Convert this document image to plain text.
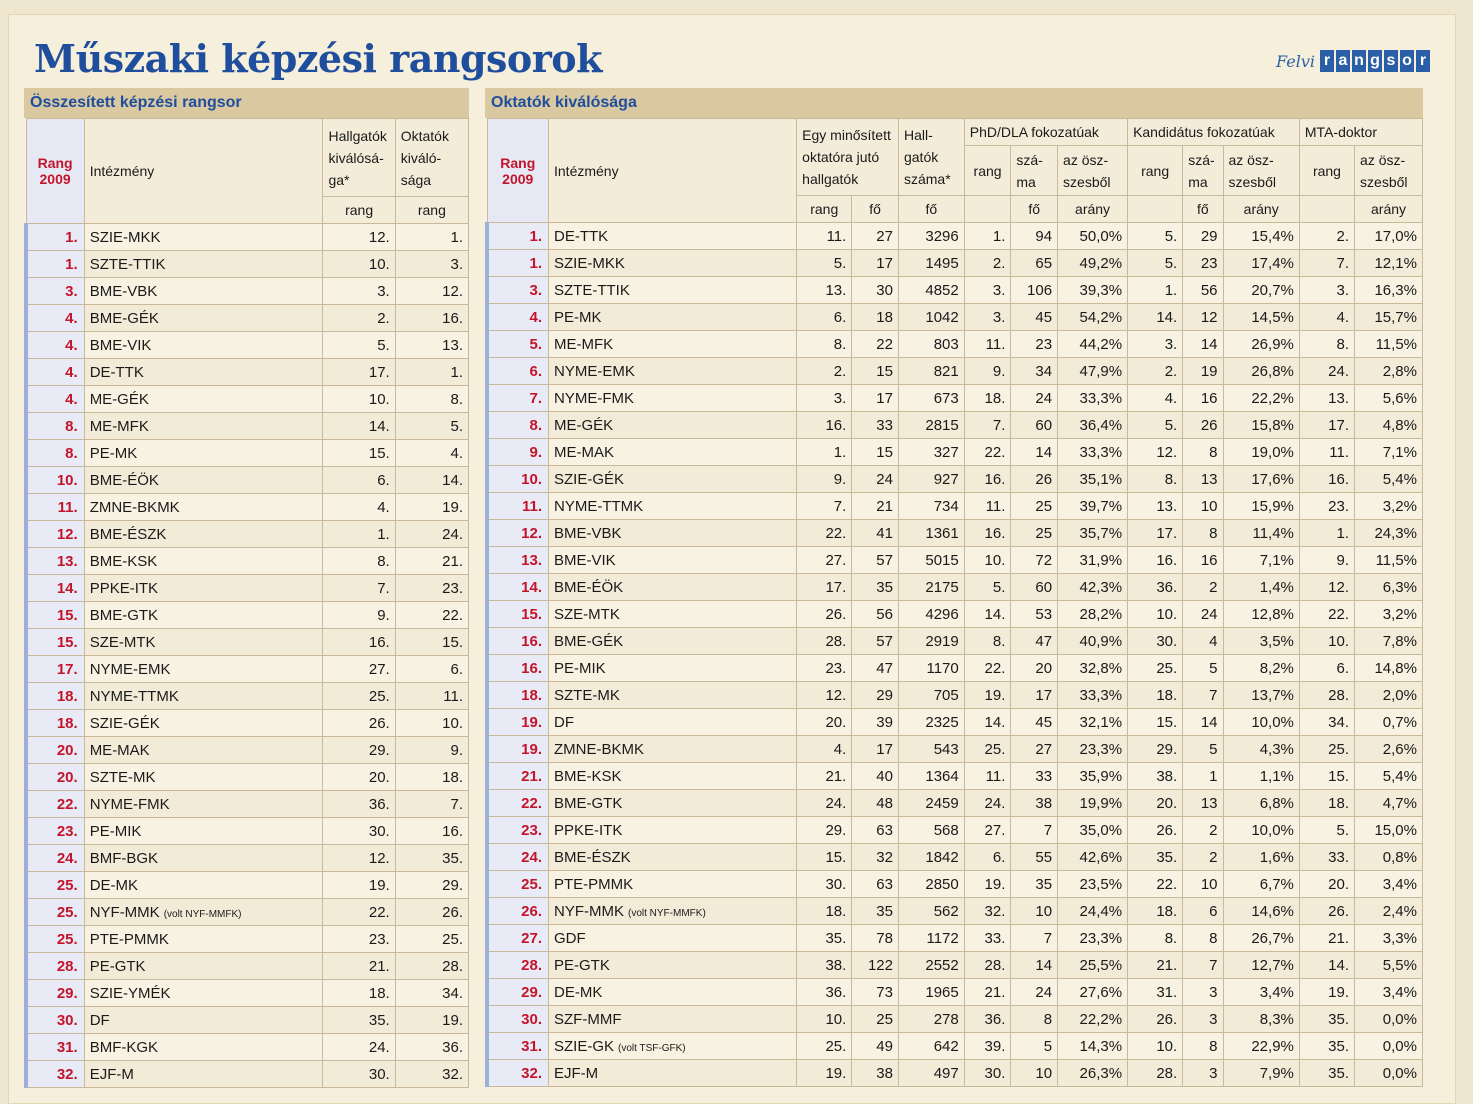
Műszaki képzési rangsorok	Felvi r a n g s o r
Összesített képzési rangsor
Rang
2009	Intézmény	Hallgatók kiválósá-ga*	Oktatók kiváló-sága
		rang	rang
1.	SZIE-MKK	12.	1.
1.	SZTE-TTIK	10.	3.
3.	BME-VBK	3.	12.
4.	BME-GÉK	2.	16.
4.	BME-VIK	5.	13.
4.	DE-TTK	17.	1.
4.	ME-GÉK	10.	8.
8.	ME-MFK	14.	5.
8.	PE-MK	15.	4.
10.	BME-ÉÖK	6.	14.
11.	ZMNE-BKMK	4.	19.
12.	BME-ÉSZK	1.	24.
13.	BME-KSK	8.	21.
14.	PPKE-ITK	7.	23.
15.	BME-GTK	9.	22.
15.	SZE-MTK	16.	15.
17.	NYME-EMK	27.	6.
18.	NYME-TTMK	25.	11.
18.	SZIE-GÉK	26.	10.
20.	ME-MAK	29.	9.
20.	SZTE-MK	20.	18.
22.	NYME-FMK	36.	7.
23.	PE-MIK	30.	16.
24.	BMF-BGK	12.	35.
25.	DE-MK	19.	29.
25.	NYF-MMK (volt NYF-MMFK)	22.	26.
25.	PTE-PMMK	23.	25.
28.	PE-GTK	21.	28.
29.	SZIE-YMÉK	18.	34.
30.	DF	35.	19.
31.	BMF-KGK	24.	36.
32.	EJF-M	30.	32.
Oktatók kiválósága
Rang
2009	Intézmény	Egy minősített oktatóra jutó hallgatók		Hall-gatók száma*	PhD/DLA fokozatúak			Kandidátus fokozatúak			MTA-doktor	
					rang	szá-ma	az ösz-szesből	rang	szá-ma	az ösz-szesből	rang	az ösz-szesből
		rang	fő	fő		fő	arány		fő	arány		arány
1.	DE-TTK	11.	27	3296	1.	94	50,0%	5.	29	15,4%	2.	17,0%
1.	SZIE-MKK	5.	17	1495	2.	65	49,2%	5.	23	17,4%	7.	12,1%
3.	SZTE-TTIK	13.	30	4852	3.	106	39,3%	1.	56	20,7%	3.	16,3%
4.	PE-MK	6.	18	1042	3.	45	54,2%	14.	12	14,5%	4.	15,7%
5.	ME-MFK	8.	22	803	11.	23	44,2%	3.	14	26,9%	8.	11,5%
6.	NYME-EMK	2.	15	821	9.	34	47,9%	2.	19	26,8%	24.	2,8%
7.	NYME-FMK	3.	17	673	18.	24	33,3%	4.	16	22,2%	13.	5,6%
8.	ME-GÉK	16.	33	2815	7.	60	36,4%	5.	26	15,8%	17.	4,8%
9.	ME-MAK	1.	15	327	22.	14	33,3%	12.	8	19,0%	11.	7,1%
10.	SZIE-GÉK	9.	24	927	16.	26	35,1%	8.	13	17,6%	16.	5,4%
11.	NYME-TTMK	7.	21	734	11.	25	39,7%	13.	10	15,9%	23.	3,2%
12.	BME-VBK	22.	41	1361	16.	25	35,7%	17.	8	11,4%	1.	24,3%
13.	BME-VIK	27.	57	5015	10.	72	31,9%	16.	16	7,1%	9.	11,5%
14.	BME-ÉÖK	17.	35	2175	5.	60	42,3%	36.	2	1,4%	12.	6,3%
15.	SZE-MTK	26.	56	4296	14.	53	28,2%	10.	24	12,8%	22.	3,2%
16.	BME-GÉK	28.	57	2919	8.	47	40,9%	30.	4	3,5%	10.	7,8%
16.	PE-MIK	23.	47	1170	22.	20	32,8%	25.	5	8,2%	6.	14,8%
18.	SZTE-MK	12.	29	705	19.	17	33,3%	18.	7	13,7%	28.	2,0%
19.	DF	20.	39	2325	14.	45	32,1%	15.	14	10,0%	34.	0,7%
19.	ZMNE-BKMK	4.	17	543	25.	27	23,3%	29.	5	4,3%	25.	2,6%
21.	BME-KSK	21.	40	1364	11.	33	35,9%	38.	1	1,1%	15.	5,4%
22.	BME-GTK	24.	48	2459	24.	38	19,9%	20.	13	6,8%	18.	4,7%
23.	PPKE-ITK	29.	63	568	27.	7	35,0%	26.	2	10,0%	5.	15,0%
24.	BME-ÉSZK	15.	32	1842	6.	55	42,6%	35.	2	1,6%	33.	0,8%
25.	PTE-PMMK	30.	63	2850	19.	35	23,5%	22.	10	6,7%	20.	3,4%
26.	NYF-MMK (volt NYF-MMFK)	18.	35	562	32.	10	24,4%	18.	6	14,6%	26.	2,4%
27.	GDF	35.	78	1172	33.	7	23,3%	8.	8	26,7%	21.	3,3%
28.	PE-GTK	38.	122	2552	28.	14	25,5%	21.	7	12,7%	14.	5,5%
29.	DE-MK	36.	73	1965	21.	24	27,6%	31.	3	3,4%	19.	3,4%
30.	SZF-MMF	10.	25	278	36.	8	22,2%	26.	3	8,3%	35.	0,0%
31.	SZIE-GK (volt TSF-GFK)	25.	49	642	39.	5	14,3%	10.	8	22,9%	35.	0,0%
32.	EJF-M	19.	38	497	30.	10	26,3%	28.	3	7,9%	35.	0,0%
